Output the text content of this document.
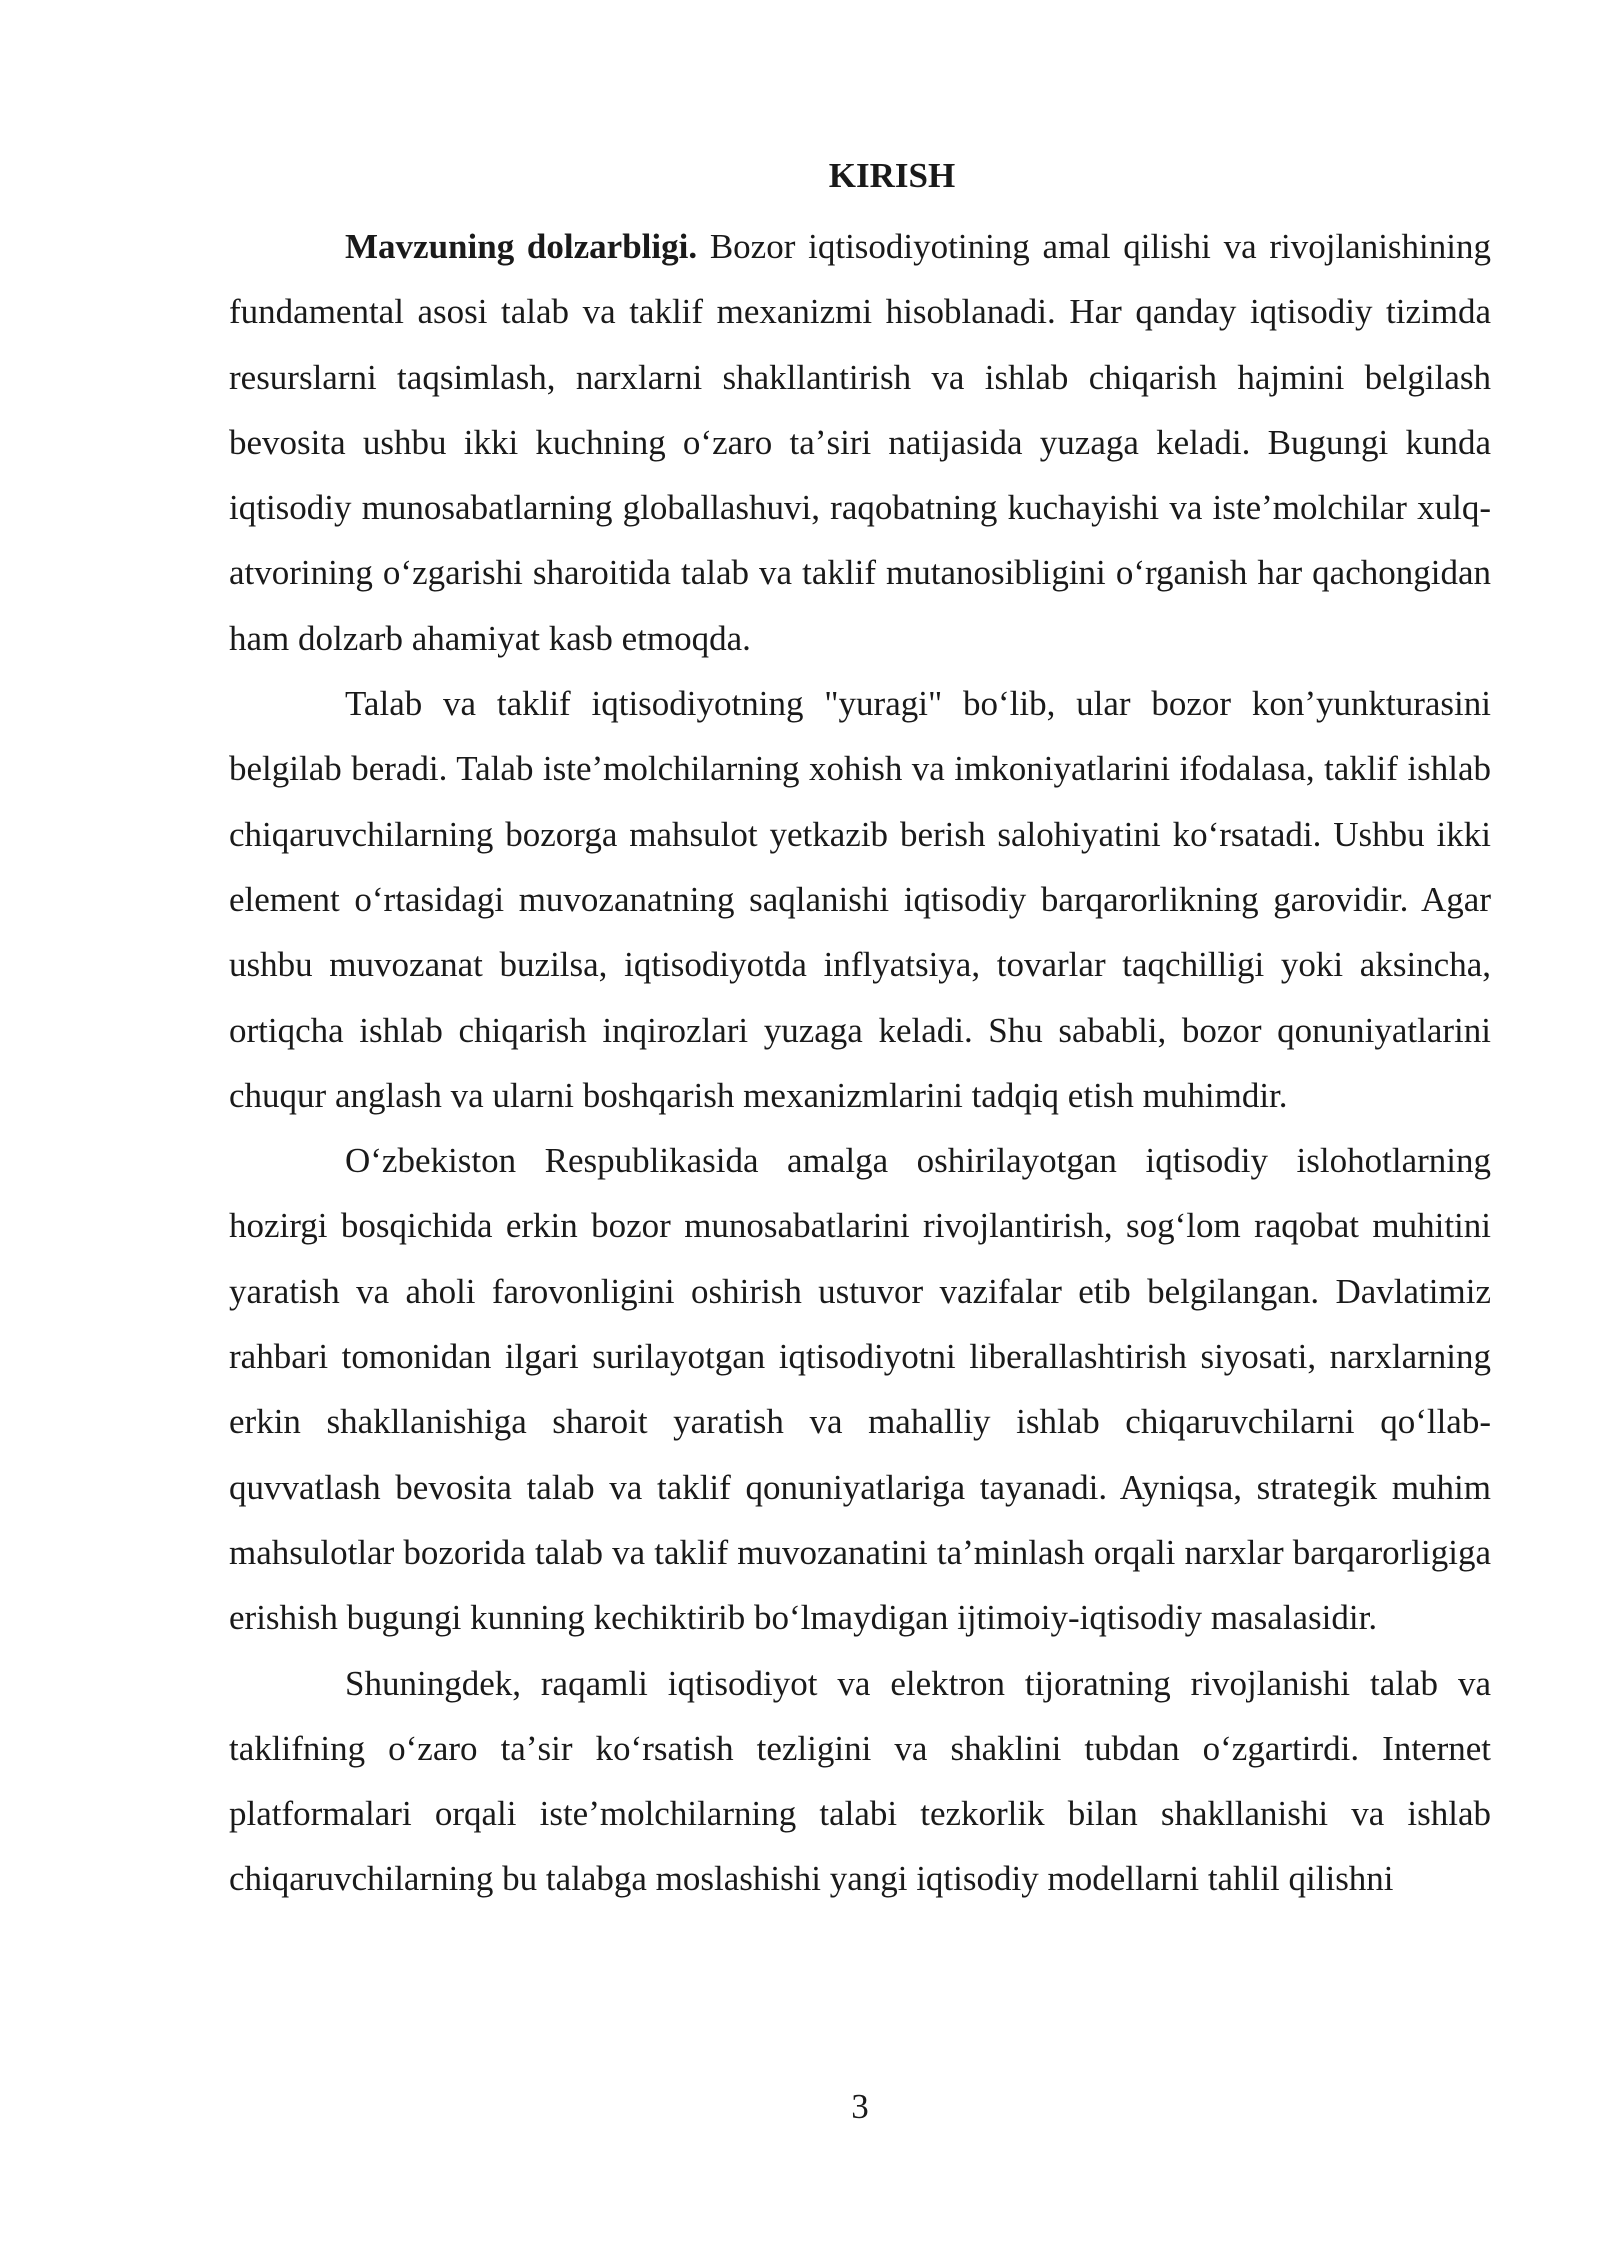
KIRISH

Mavzuning dolzarbligi. Bozor iqtisodiyotining amal qilishi va rivojlanishining fundamental asosi talab va taklif mexanizmi hisoblanadi. Har qanday iqtisodiy tizimda resurslarni taqsimlash, narxlarni shakllantirish va ishlab chiqarish hajmini belgilash bevosita ushbu ikki kuchning oʻzaro taʼsiri natijasida yuzaga keladi. Bugungi kunda iqtisodiy munosabatlarning globallashuvi, raqobatning kuchayishi va isteʼmolchilar xulq-atvorining oʻzgarishi sharoitida talab va taklif mutanosibligini oʻrganish har qachongidan ham dolzarb ahamiyat kasb etmoqda.

Talab va taklif iqtisodiyotning "yuragi" boʻlib, ular bozor konʼyunkturasini belgilab beradi. Talab isteʼmolchilarning xohish va imkoniyatlarini ifodalasa, taklif ishlab chiqaruvchilarning bozorga mahsulot yetkazib berish salohiyatini koʻrsatadi. Ushbu ikki element oʻrtasidagi muvozanatning saqlanishi iqtisodiy barqarorlikning garovidir. Agar ushbu muvozanat buzilsa, iqtisodiyotda inflyatsiya, tovarlar taqchilligi yoki aksincha, ortiqcha ishlab chiqarish inqirozlari yuzaga keladi. Shu sababli, bozor qonuniyatlarini chuqur anglash va ularni boshqarish mexanizmlarini tadqiq etish muhimdir.

Oʻzbekiston Respublikasida amalga oshirilayotgan iqtisodiy islohotlarning hozirgi bosqichida erkin bozor munosabatlarini rivojlantirish, sogʻlom raqobat muhitini yaratish va aholi farovonligini oshirish ustuvor vazifalar etib belgilangan. Davlatimiz rahbari tomonidan ilgari surilayotgan iqtisodiyotni liberallashtirish siyosati, narxlarning erkin shakllanishiga sharoit yaratish va mahalliy ishlab chiqaruvchilarni qoʻllab-quvvatlash bevosita talab va taklif qonuniyatlariga tayanadi. Ayniqsa, strategik muhim mahsulotlar bozorida talab va taklif muvozanatini taʼminlash orqali narxlar barqarorligiga erishish bugungi kunning kechiktirib boʻlmaydigan ijtimoiy-iqtisodiy masalasidir.

Shuningdek, raqamli iqtisodiyot va elektron tijoratning rivojlanishi talab va taklifning oʻzaro taʼsir koʻrsatish tezligini va shaklini tubdan oʻzgartirdi. Internet platformalari orqali isteʼmolchilarning talabi tezkorlik bilan shakllanishi va ishlab chiqaruvchilarning bu talabga moslashishi yangi iqtisodiy modellarni tahlil qilishni

3
